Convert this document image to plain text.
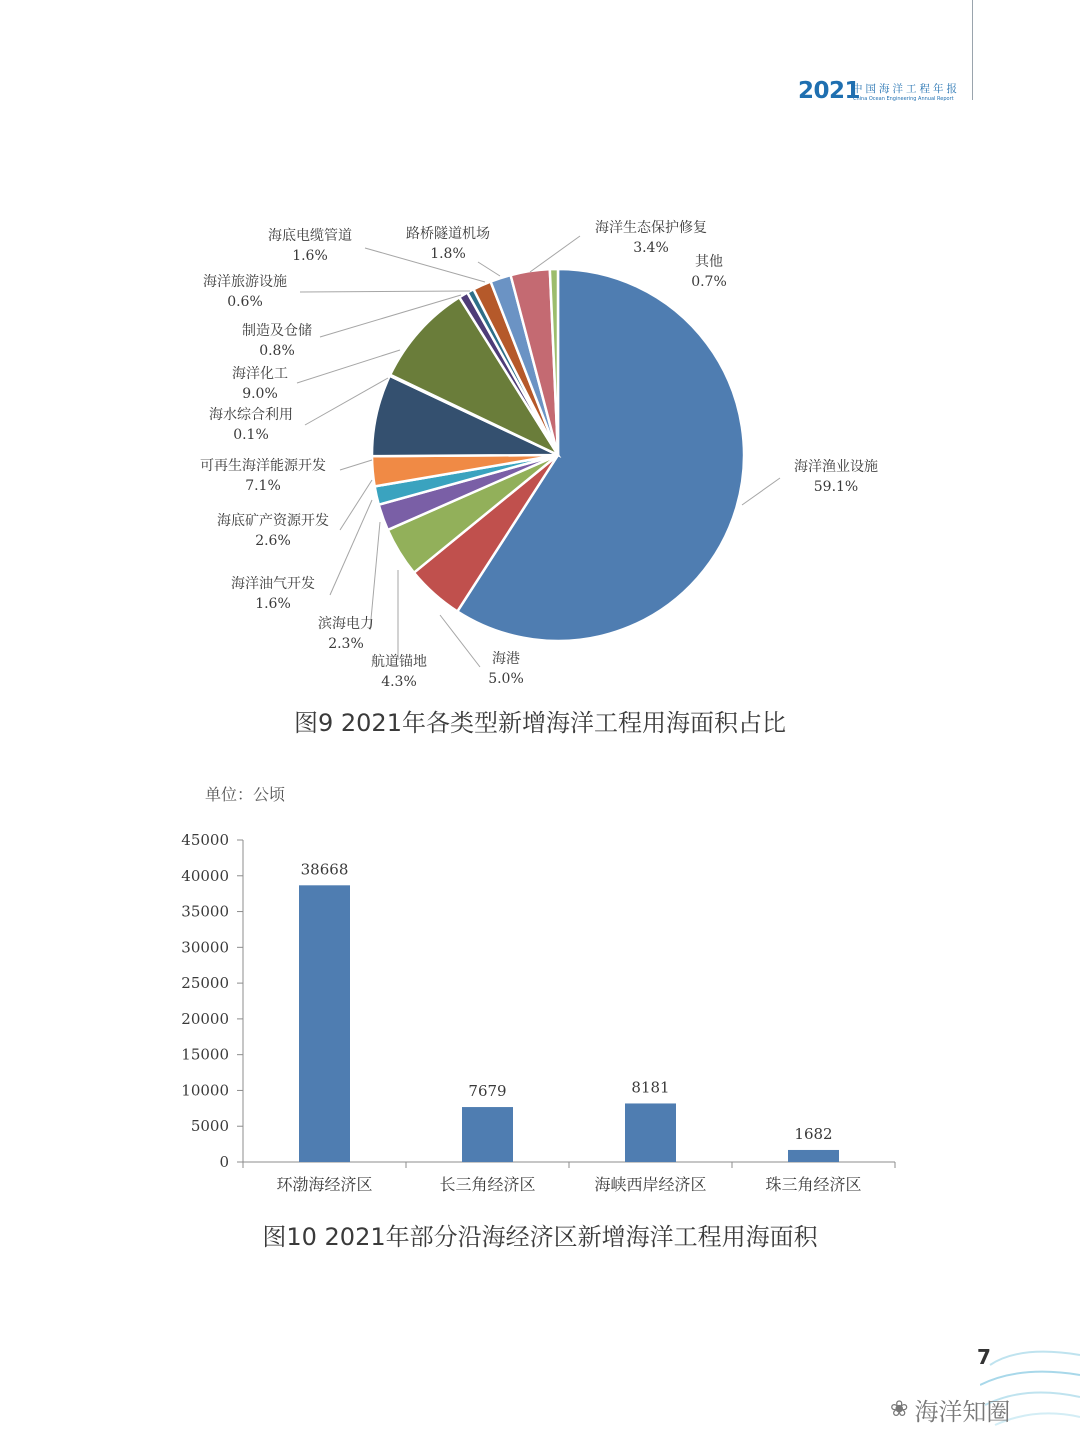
2021
中国海洋工程年报
China Ocean Engineering Annual Report
海洋渔业设施
59.1%
海港
5.0%
航道锚地
4.3%
滨海电力
2.3%
海洋油气开发
1.6%
海底矿产资源开发
2.6%
可再生海洋能源开发
7.1%
海水综合利用
0.1%
海洋化工
9.0%
制造及仓储
0.8%
海洋旅游设施
0.6%
海底电缆管道
1.6%
路桥隧道机场
1.8%
海洋生态保护修复
3.4%
其他
0.7%
图9 2021年各类型新增海洋工程用海面积占比
单位：公顷
0
5000
10000
15000
20000
25000
30000
35000
40000
45000
38668
环渤海经济区
7679
长三角经济区
8181
海峡西岸经济区
1682
珠三角经济区
图10 2021年部分沿海经济区新增海洋工程用海面积
7
❀ 海洋知圈
